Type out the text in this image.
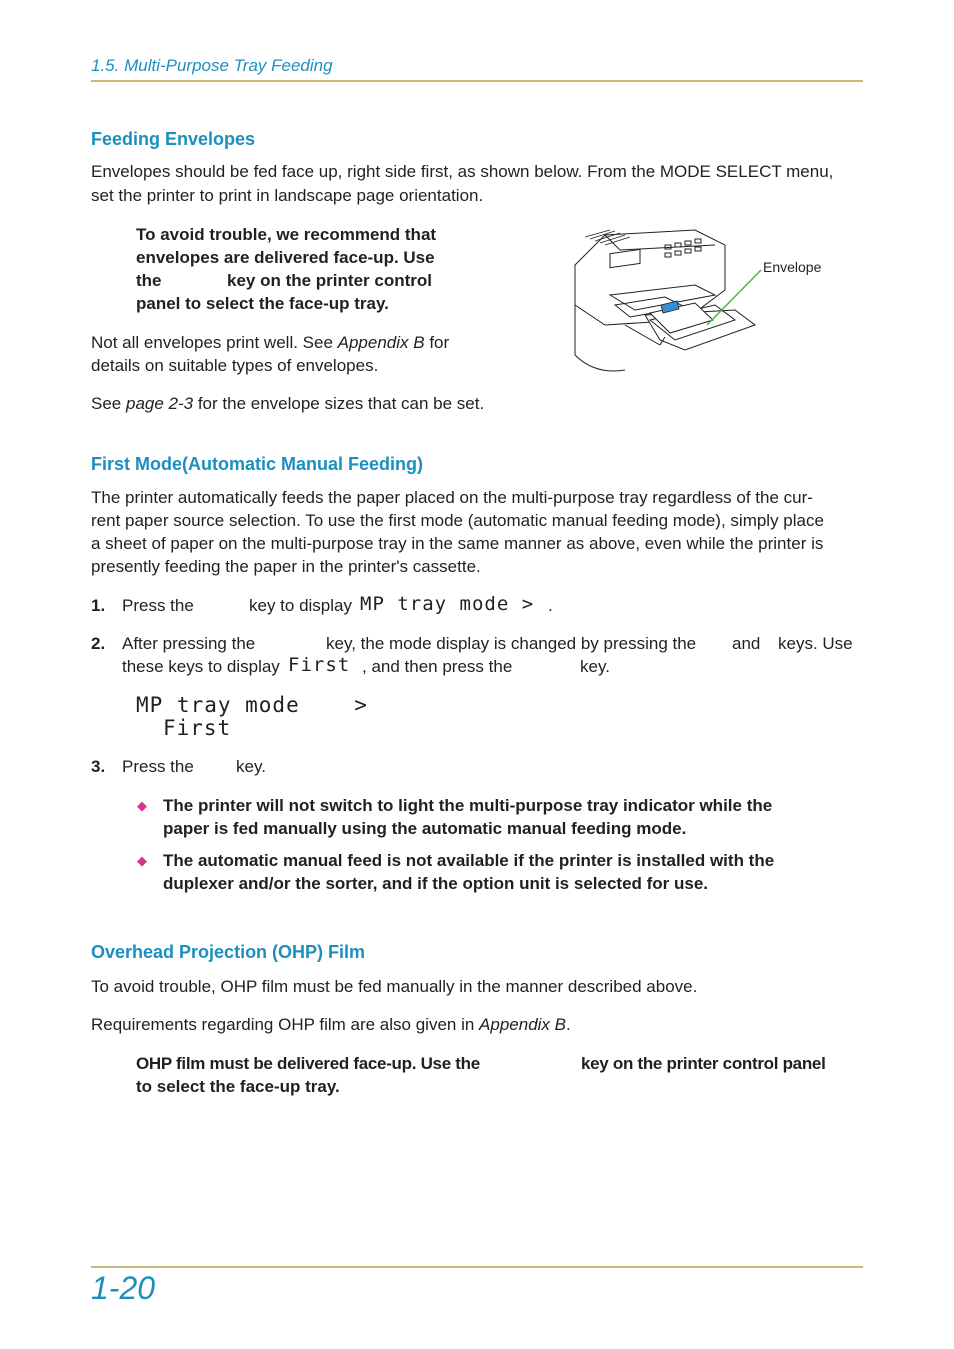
1.5. Multi-Purpose Tray Feeding
Feeding Envelopes
Envelopes should be fed face up, right side first, as shown below. From the MODE SELECT menu,
set the printer to print in landscape page orientation.
To avoid trouble, we recommend that
envelopes are delivered face-up. Use
the	key on the printer control
panel to select the face-up tray.
Not all envelopes print well. See Appendix B for
details on suitable types of envelopes.
See page 2-3 for the envelope sizes that can be set.
Envelope
First Mode(Automatic Manual Feeding)
The printer automatically feeds the paper placed on the multi-purpose tray regardless of the cur-
rent paper source selection. To use the first mode (automatic manual feeding mode), simply place
a sheet of paper on the multi-purpose tray in the same manner as above, even while the printer is
presently feeding the paper in the printer's cassette.
1. Press the	key to display MP tray mode > .
2. After pressing the	key, the mode display is changed by pressing the and keys. Use
these keys to display First , and then press the	key.
MP tray mode    >
First
3. Press the key.
◆ The printer will not switch to light the multi-purpose tray indicator while the
paper is fed manually using the automatic manual feeding mode.
◆ The automatic manual feed is not available if the printer is installed with the
duplexer and/or the sorter, and if the option unit is selected for use.
Overhead Projection (OHP) Film
To avoid trouble, OHP film must be fed manually in the manner described above.
Requirements regarding OHP film are also given in Appendix B.
OHP film must be delivered face-up. Use the	key on the printer control panel
to select the face-up tray.
1-20
